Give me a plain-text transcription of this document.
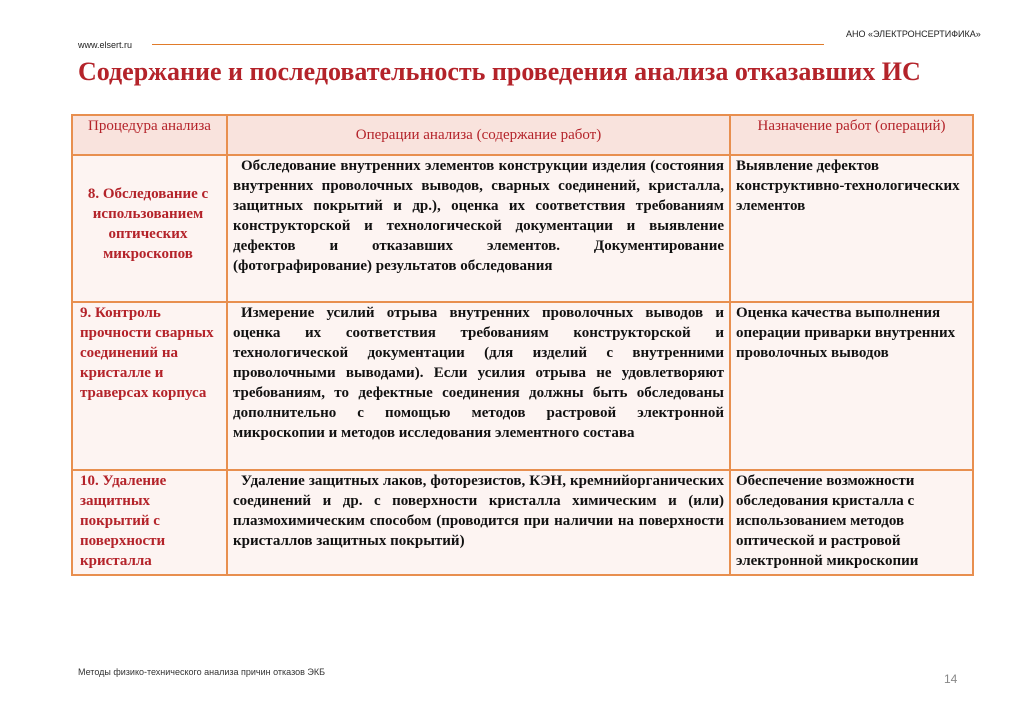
АНО «ЭЛЕКТРОНСЕРТИФИКА»
www.elsert.ru
Содержание и последовательность проведения анализа отказавших ИС
Процедура анализа	Операции анализа (содержание работ)	Назначение работ (операций)

8. Обследование с использованием оптических микроскопов	Обследование внутренних элементов конструкции изделия (состояния внутренних проволочных выводов, сварных соединений, кристалла, защитных покрытий и др.), оценка их соответствия требованиям конструкторской и технологической документации и выявление дефектов и отказавших элементов. Документирование (фотографирование) результатов обследования	Выявление дефектов конструктивно-технологических элементов

9. Контроль прочности сварных соединений на кристалле и траверсах корпуса	Измерение усилий отрыва внутренних проволочных выводов и оценка их соответствия требованиям конструкторской и технологической документации (для изделий с внутренними проволочными выводами). Если усилия отрыва не удовлетворяют требованиям, то дефектные соединения должны быть обследованы дополнительно с помощью методов растровой электронной микроскопии и методов исследования элементного состава	Оценка качества выполнения операции приварки внутренних проволочных выводов

10. Удаление защитных покрытий с поверхности кристалла	Удаление защитных лаков, фоторезистов, КЭН, кремнийорганических соединений и др. с поверхности кристалла химическим и (или) плазмохимическим способом (проводится при наличии на поверхности кристаллов защитных покрытий)	Обеспечение возможности обследования кристалла с использованием методов оптической и растровой электронной микроскопии
Методы физико-технического анализа причин отказов ЭКБ	14
